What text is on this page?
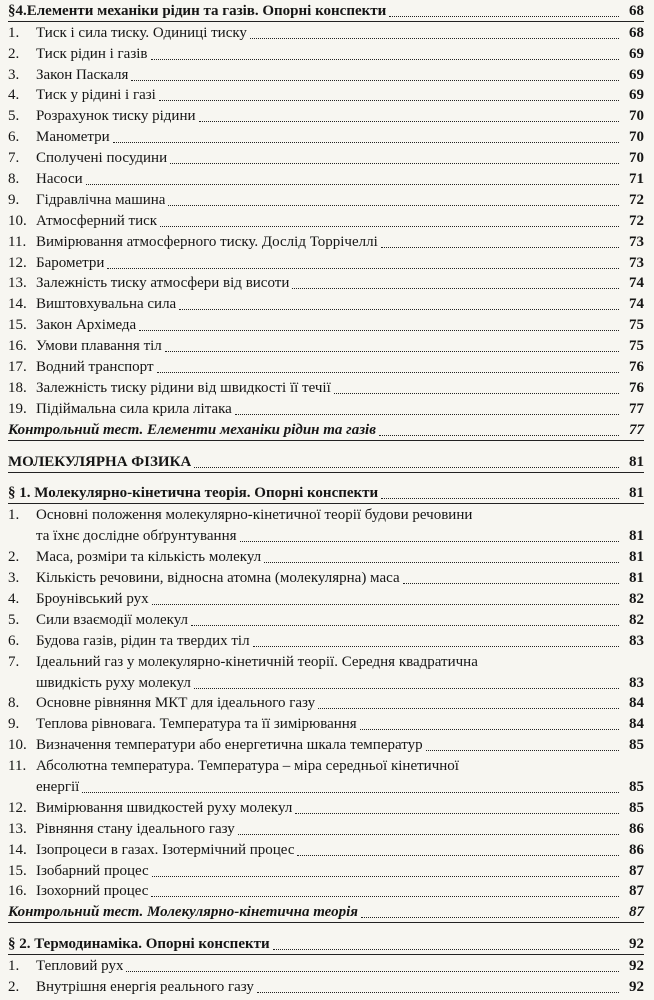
§4.Елементи механіки рідин та газів. Опорні конспекти	68
1.	Тиск і сила тиску. Одиниці тиску	68
2.	Тиск рідин і газів	69
3.	Закон Паскаля	69
4.	Тиск у рідині і газі	69
5.	Розрахунок тиску рідини	70
6.	Манометри	70
7.	Сполучені посудини	70
8.	Насоси	71
9.	Гідравлічна машина	72
10. Атмосферний тиск	72
11. Вимірювання атмосферного тиску. Дослід Торрічеллі	73
12. Барометри	73
13. Залежність тиску атмосфери від висоти	74
14. Виштовхувальна сила	74
15. Закон Архімеда	75
16. Умови плавання тіл	75
17. Водний транспорт	76
18. Залежність тиску рідини від швидкості її течії	76
19. Підіймальна сила крила літака	77
Контрольний тест. Елементи механіки рідин та газів	77
МОЛЕКУЛЯРНА ФІЗИКА	81
§ 1. Молекулярно-кінетична теорія. Опорні конспекти	81
1.	Основні положення молекулярно-кінетичної теорії будови речовини
та їхнє дослідне обґрунтування	81
2.	Маса, розміри та кількість молекул	81
3.	Кількість речовини, відносна атомна (молекулярна) маса	81
4.	Броунівський рух	82
5.	Сили взаємодії молекул	82
6.	Будова газів, рідин та твердих тіл	83
7.	Ідеальний газ у молекулярно-кінетичній теорії. Середня квадратична
швидкість руху молекул	83
8.	Основне рівняння МКТ для ідеального газу	84
9.	Теплова рівновага. Температура та її зимірювання	84
10. Визначення температури або енергетична шкала температур	85
11. Абсолютна температура. Температура – міра середньої кінетичної
енергії	85
12. Вимірювання швидкостей руху молекул	85
13. Рівняння стану ідеального газу	86
14. Ізопроцеси в газах. Ізотермічний процес	86
15. Ізобарний процес	87
16. Ізохорний процес	87
Контрольний тест. Молекулярно-кінетична теорія	87
§ 2. Термодинаміка. Опорні конспекти	92
1.	Тепловий рух	92
2.	Внутрішня енергія реального газу	92
